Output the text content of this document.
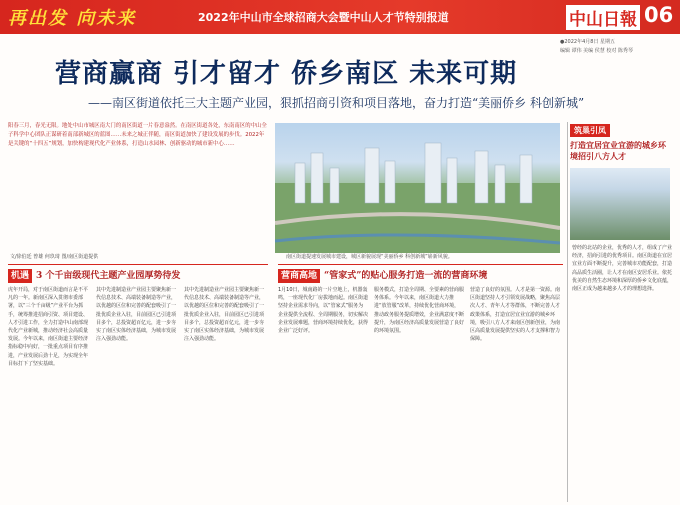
再出发 向未来	2022年中山市全球招商大会暨中山人才节特别报道	中山日報 06
●2022年4月8日 星期五
编辑 谭伟 美编 侯慧 校对 陈秀琴
营商赢商 引才留才 侨乡南区 未来可期
——南区街道依托三大主题产业园，狠抓招商引资和项目落地，奋力打造“美丽侨乡 科创新城”
阳春三月，春光无限。地处中山市城区南大门的南区街道一片春意盎然。在南区街道各处，东南南区的中山全子科学中心团队正谋研着南部新城区的蓝图……未来之城正伴随，南区街道加快了建设发展的步伐。2022年是关键的“十四五”规划，加快构建现代化产业体系，打造山水园林、创新驱动的城市新中心……
文/徐伯廷 曾雄 何玖琦 图/南区街道提供	南区街道提速发展城市建设，城区新貌展现“美丽侨乡 科创新城”崭新风貌。
筑巢引凤
打造宜居宜业宜游的城乡环境招引八方人才
机遇 3 个千亩级现代主题产业园厚势待发	营商高地 “管家式”的贴心服务打造一流的营商环境
虎年开局，对于南区街道而言是不平凡的一年。新南区深入贯彻市委部署，以“三个千亩级”产业平台为抓手，统筹推进招商引资、项目建设、人才引进工作，全力打造中山南部现代化产业新城，推动经济社会高质量发展。今年以来，南区街道主要经济指标稳中向好，一批重点项目有序推进，产业发展后劲十足，为实现全年目标打下了坚实基础。
其中先进制造业产业园主要聚焦新一代信息技术、高端装备制造等产业，以优越的区位和完善的配套吸引了一批优质企业入驻，目前园区已引进项目多个，总投资超百亿元，进一步夯实了南区实体经济基础，为城市发展注入强劲动能。
其中先进制造业产业园主要聚焦新一代信息技术、高端装备制造等产业，以优越的区位和完善的配套吸引了一批优质企业入驻，目前园区已引进项目多个，总投资超百亿元，进一步夯实了南区实体经济基础，为城市发展注入强劲动能。
1月10日，城南路的一片空地上，机器轰鸣，一座现代化厂房拔地而起。南区街道坚持企业需求导向，以“管家式”服务为企业提供全流程、全周期服务，切实解决企业发展难题，营商环境持续优化，获得企业广泛好评。
服务模式，打造全周期、全要素的营商服务体系。今年以来，南区街道大力推进“放管服”改革，持续优化营商环境，推动政务服务提质增效，企业满意度不断提升，为南区经济高质量发展营造了良好的环境氛围。
营造了良好的氛围。人才是第一资源。南区街道坚持人才引领发展战略，聚焦高层次人才、青年人才等群体，不断完善人才政策体系，打造宜居宜业宜游的城乡环境，吸引八方人才来南区创新创业，为南区高质量发展提供坚实的人才支撑和智力保障。
曾经的北站的企业，优秀的人才，组成了产业经济，招商引进的优秀项目。南区街道在宜居宜业方面不断提升，完善城市功能配套，打造高品质生活圈，让人才在南区安居乐业。依托优美的自然生态环境和深厚的侨乡文化底蕴，南区正成为越来越多人才的理想选择。
